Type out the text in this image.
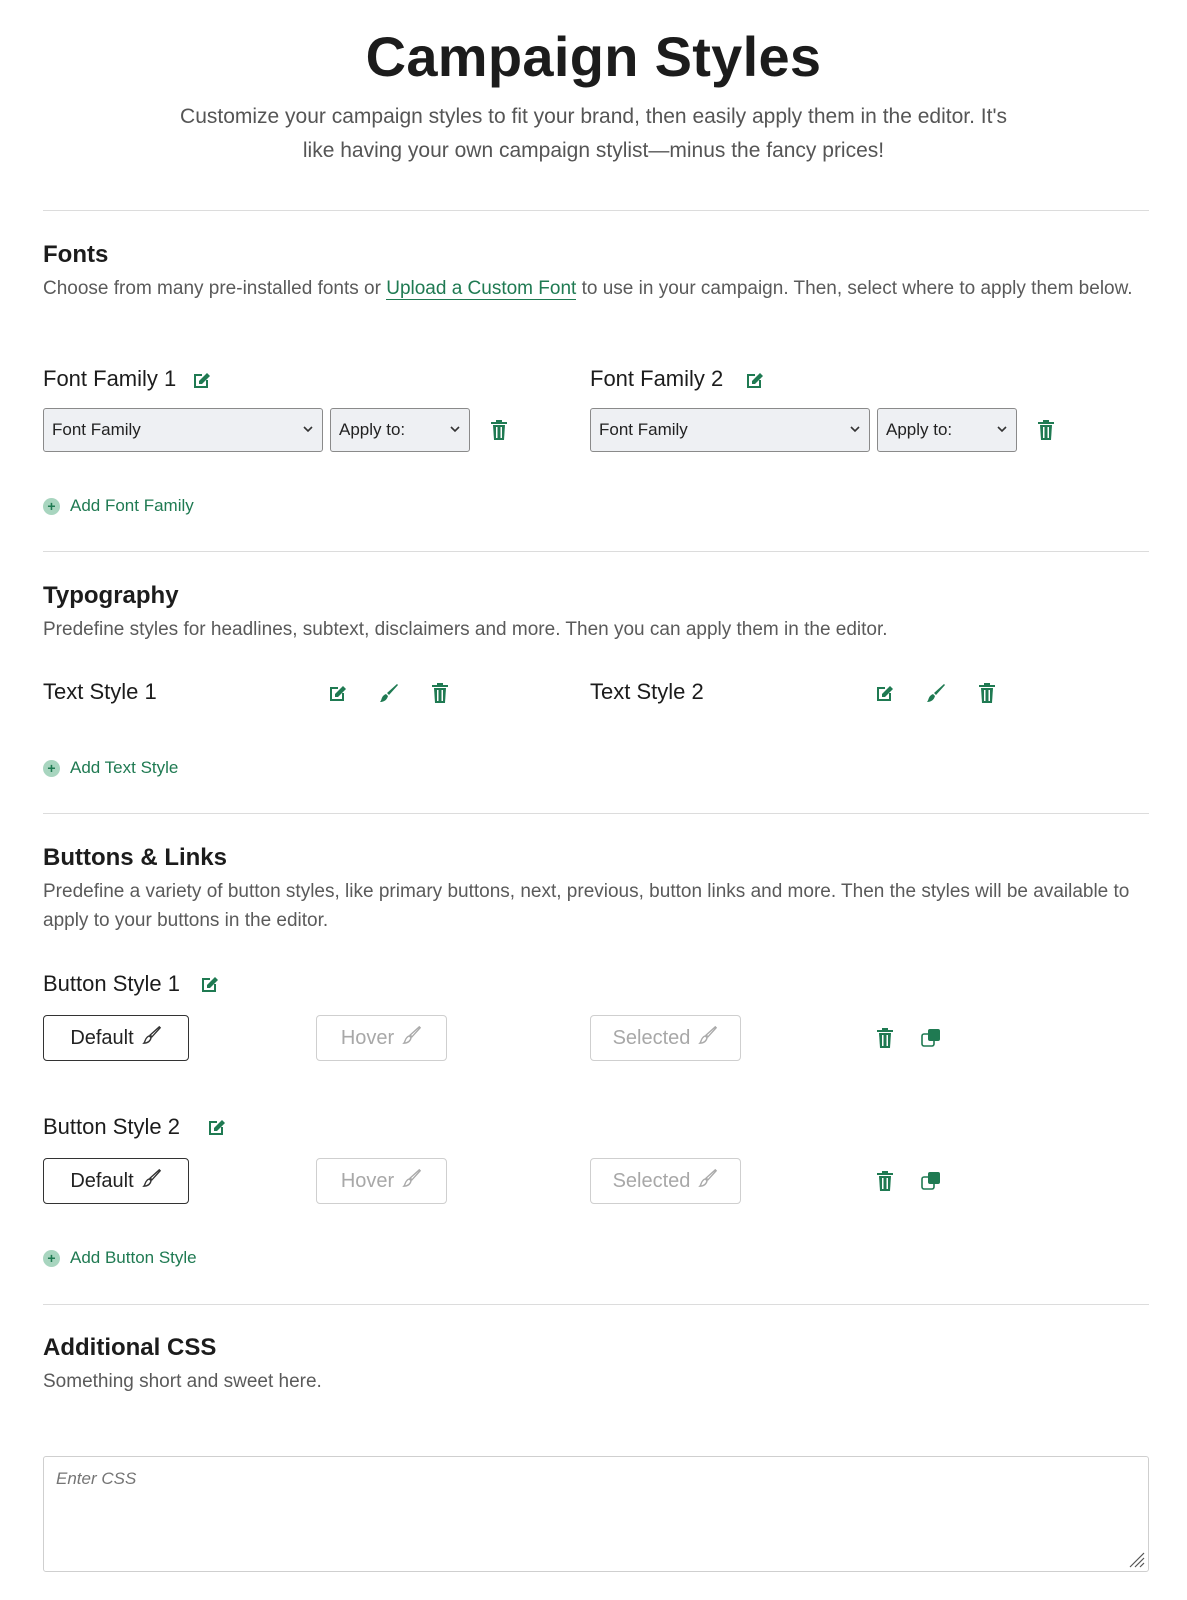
Campaign Styles
Customize your campaign styles to fit your brand, then easily apply them in the editor. It's like having your own campaign stylist—minus the fancy prices!
Fonts
Choose from many pre-installed fonts or Upload a Custom Font to use in your campaign. Then, select where to apply them below.
Font Family 1
Font Family	Apply to:
Font Family 2
Font Family	Apply to:
+ Add Font Family
Typography
Predefine styles for headlines, subtext, disclaimers and more. Then you can apply them in the editor.
Text Style 1	Text Style 2
+ Add Text Style
Buttons & Links
Predefine a variety of button styles, like primary buttons, next, previous, button links and more. Then the styles will be available to apply to your buttons in the editor.
Button Style 1
Default	Hover	Selected
Button Style 2
Default	Hover	Selected
+ Add Button Style
Additional CSS
Something short and sweet here.
Enter CSS
